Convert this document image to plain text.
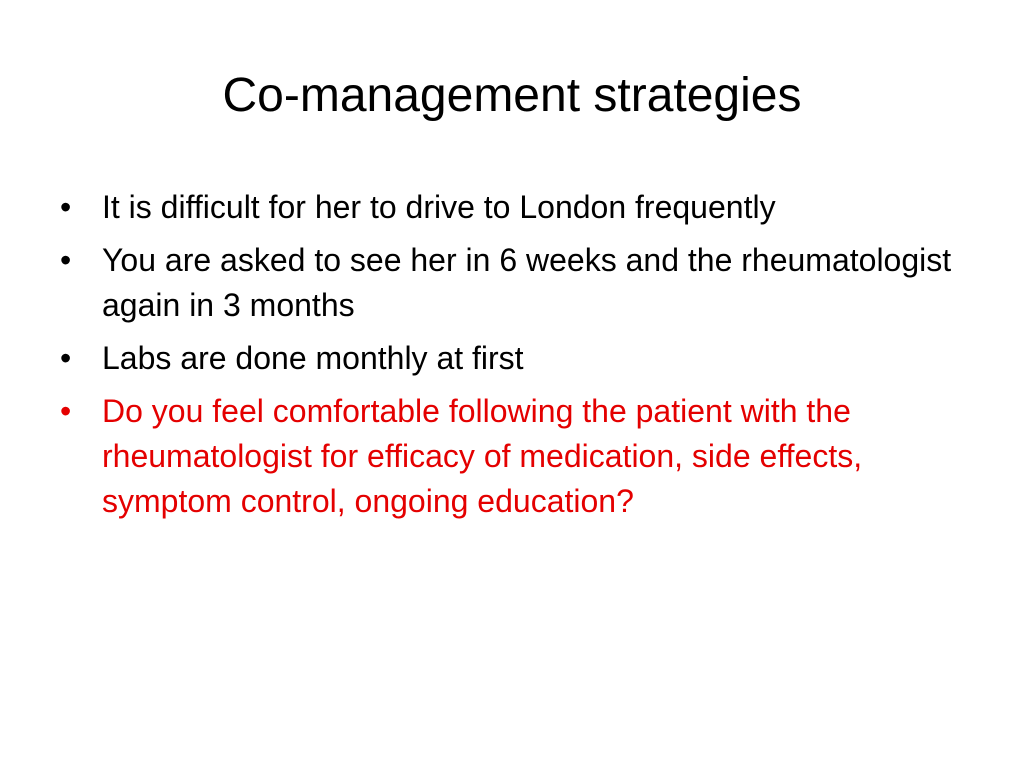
Co-management strategies
• It is difficult for her to drive to London frequently
• You are asked to see her in 6 weeks and the rheumatologist again in 3 months
• Labs are done monthly at first
• Do you feel comfortable following the patient with the rheumatologist for efficacy of medication, side effects, symptom control, ongoing education?
